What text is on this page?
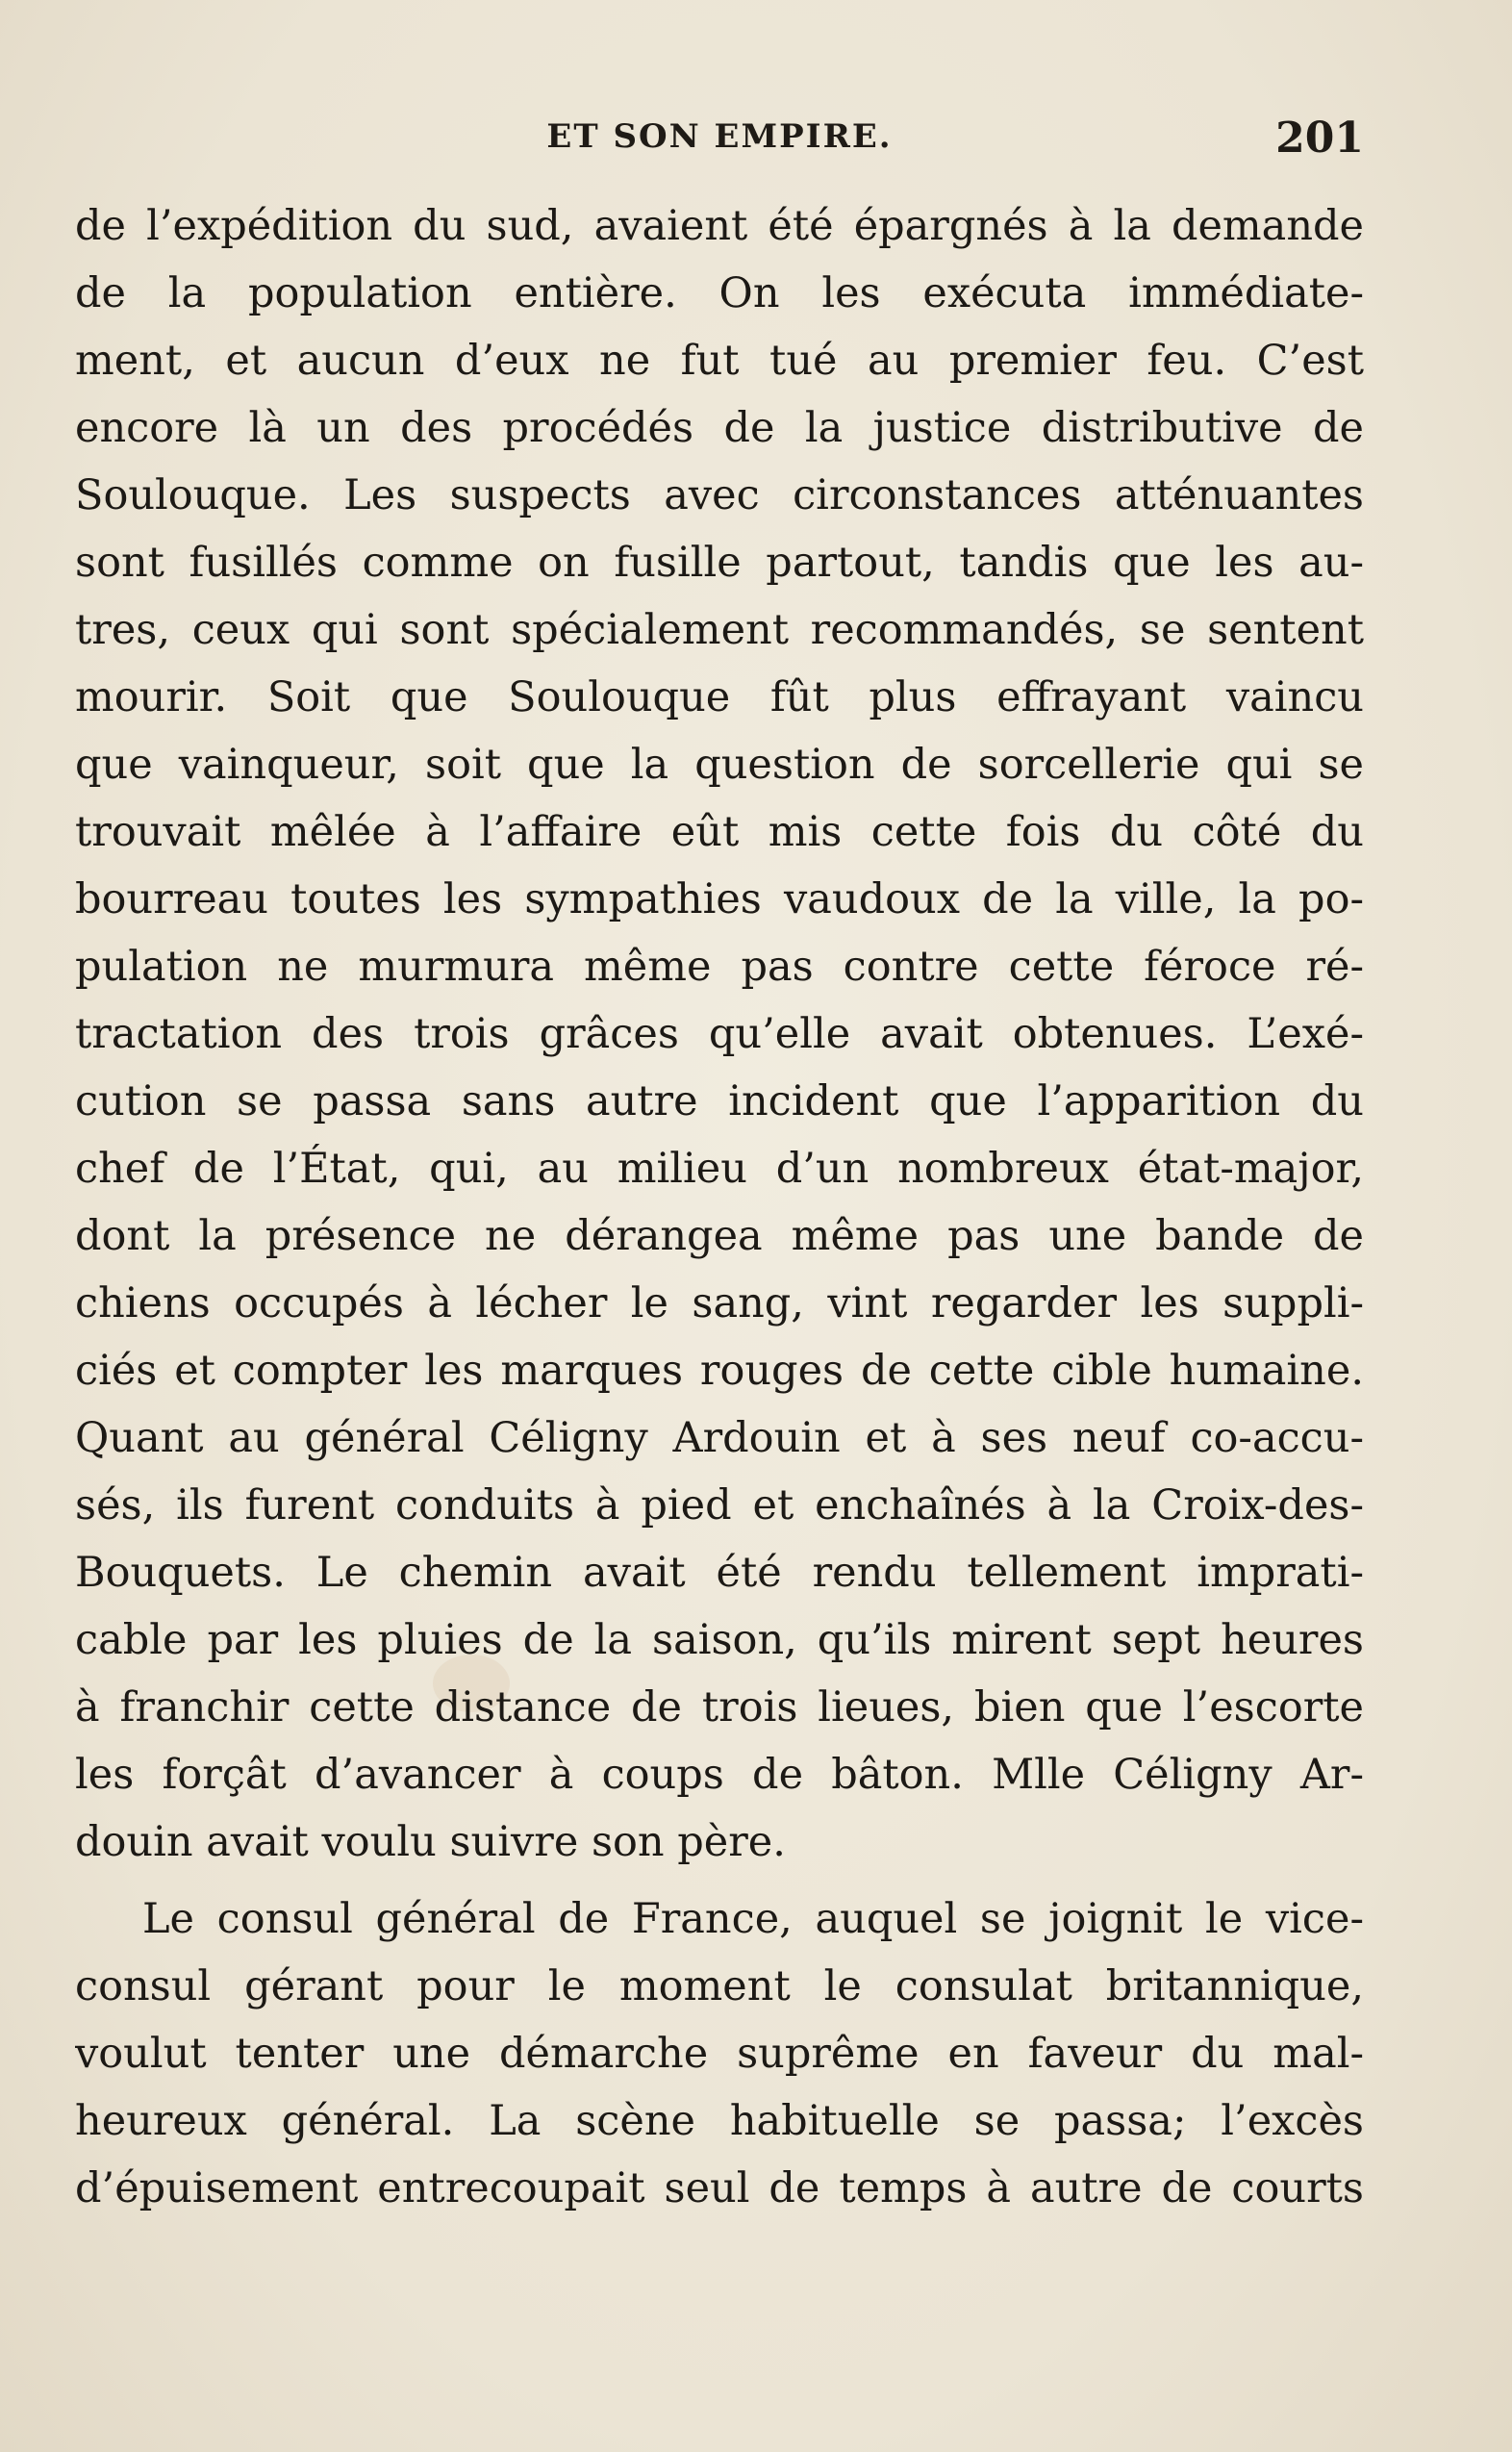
ET SON EMPIRE.	201
de l’expédition du sud, avaient été épargnés à la demande
de la population entière. On les exécuta immédiate-
ment, et aucun d’eux ne fut tué au premier feu. C’est
encore là un des procédés de la justice distributive de
Soulouque. Les suspects avec circonstances atténuantes
sont fusillés comme on fusille partout, tandis que les au-
tres, ceux qui sont spécialement recommandés, se sentent
mourir. Soit que Soulouque fût plus effrayant vaincu
que vainqueur, soit que la question de sorcellerie qui se
trouvait mêlée à l’affaire eût mis cette fois du côté du
bourreau toutes les sympathies vaudoux de la ville, la po-
pulation ne murmura même pas contre cette féroce ré-
tractation des trois grâces qu’elle avait obtenues. L’exé-
cution se passa sans autre incident que l’apparition du
chef de l’État, qui, au milieu d’un nombreux état-major,
dont la présence ne dérangea même pas une bande de
chiens occupés à lécher le sang, vint regarder les suppli-
ciés et compter les marques rouges de cette cible humaine.
Quant au général Céligny Ardouin et à ses neuf co-accu-
sés, ils furent conduits à pied et enchaînés à la Croix-des-
Bouquets. Le chemin avait été rendu tellement imprati-
cable par les pluies de la saison, qu’ils mirent sept heures
à franchir cette distance de trois lieues, bien que l’escorte
les forçât d’avancer à coups de bâton. Mlle Céligny Ar-
douin avait voulu suivre son père.
Le consul général de France, auquel se joignit le vice-
consul gérant pour le moment le consulat britannique,
voulut tenter une démarche suprême en faveur du mal-
heureux général. La scène habituelle se passa; l’excès
d’épuisement entrecoupait seul de temps à autre de courts
